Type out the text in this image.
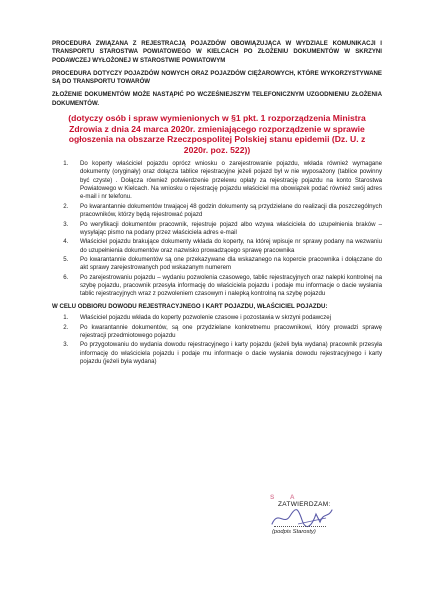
PROCEDURA ZWIĄZANA Z REJESTRACJĄ POJAZDÓW OBOWIĄZUJĄCA W WYDZIALE KOMUNIKACJI I TRANSPORTU STAROSTWA POWIATOWEGO W KIELCACH PO ZŁOŻENIU DOKUMENTÓW W SKRZYNI PODAWCZEJ WYŁOŻONEJ W STAROSTWIE POWIATOWYM

PROCEDURA DOTYCZY POJAZDÓW NOWYCH ORAZ POJAZDÓW CIĘŻAROWYCH, KTÓRE WYKORZYSTYWANE SĄ DO TRANSPORTU TOWARÓW

ZŁOŻENIE DOKUMENTÓW MOŻE NASTĄPIĆ PO WCZEŚNIEJSZYM TELEFONICZNYM UZGODNIENIU ZŁOŻENIA DOKUMENTÓW.

(dotyczy osób i spraw wymienionych w §1 pkt. 1 rozporządzenia Ministra Zdrowia z dnia 24 marca 2020r. zmieniającego rozporządzenie w sprawie ogłoszenia na obszarze Rzeczpospolitej Polskiej stanu epidemii (Dz. U. z 2020r. poz. 522))

1. Do koperty właściciel pojazdu oprócz wniosku o zarejestrowanie pojazdu, wkłada również wymagane dokumenty (oryginały) oraz dołącza tablice rejestracyjne jeżeli pojazd był w nie wyposażony (tablice powinny być czyste) . Dołącza również potwierdzenie przelewu opłaty za rejestrację pojazdu na konto Starostwa Powiatowego w Kielcach. Na wniosku o rejestrację pojazdu właściciel ma obowiązek podać również swój adres e-mail i nr telefonu.
2. Po kwarantannie dokumentów trwającej 48 godzin dokumenty są przydzielane do realizacji dla poszczególnych pracowników, którzy będą rejestrować pojazd
3. Po weryfikacji dokumentów pracownik, rejestruje pojazd albo wzywa właściciela do uzupełnienia braków – wysyłając pismo na podany przez właściciela adres e-mail
4. Właściciel pojazdu brakujące dokumenty wkłada do koperty, na której wpisuje nr sprawy podany na wezwaniu do uzupełnienia dokumentów oraz nazwisko prowadzącego sprawę pracownika
5. Po kwarantannie dokumentów są one przekazywane dla wskazanego na kopercie pracownika i dołączane do akt sprawy zarejestrowanych pod wskazanym numerem
6. Po zarejestrowaniu pojazdu – wydaniu pozwolenia czasowego, tablic rejestracyjnych oraz nalepki kontrolnej na szybę pojazdu, pracownik przesyła informację do właściciela pojazdu i podaje mu informacje o dacie wysłania tablic rejestracyjnych wraz z pozwoleniem czasowym i nalepką kontrolną na szybę pojazdu

W CELU ODBIORU DOWODU REJESTRACYJNEGO I KART POJAZDU, WŁAŚCICIEL POJAZDU:

1. Właściciel pojazdu wkłada do koperty pozwolenie czasowe i pozostawia w skrzyni podawczej
2. Po kwarantannie dokumentów, są one przydzielane konkretnemu pracownikowi, który prowadzi sprawę rejestracji przedmiotowego pojazdu
3. Po przygotowaniu do wydania dowodu rejestracyjnego i karty pojazdu (jeżeli była wydana) pracownik przesyła informację do właściciela pojazdu i podaje mu informacje o dacie wysłania dowodu rejestracyjnego i karty pojazdu (jeżeli była wydana)
S A
ZATWIERDZAM:
(podpis Starosty)
